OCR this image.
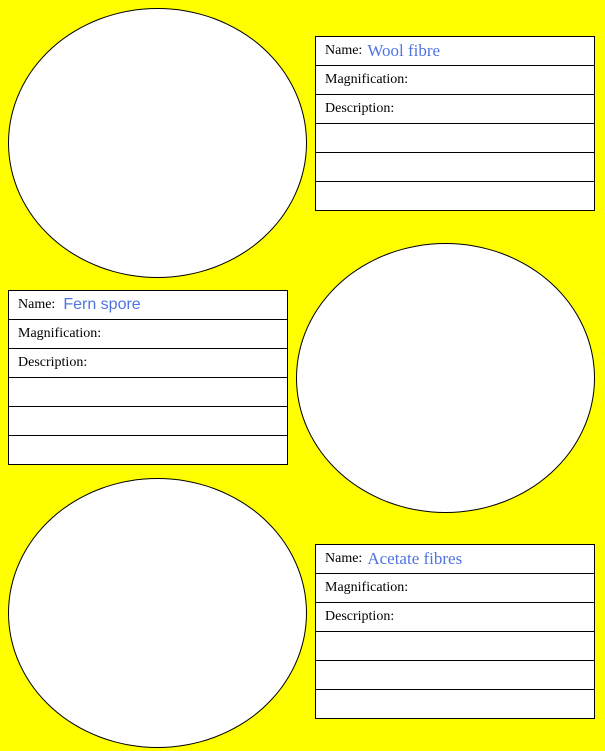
Name: Wool fibre
Magnification:
Description:
Name: Fern spore
Magnification:
Description:
Name: Acetate fibres
Magnification:
Description:
